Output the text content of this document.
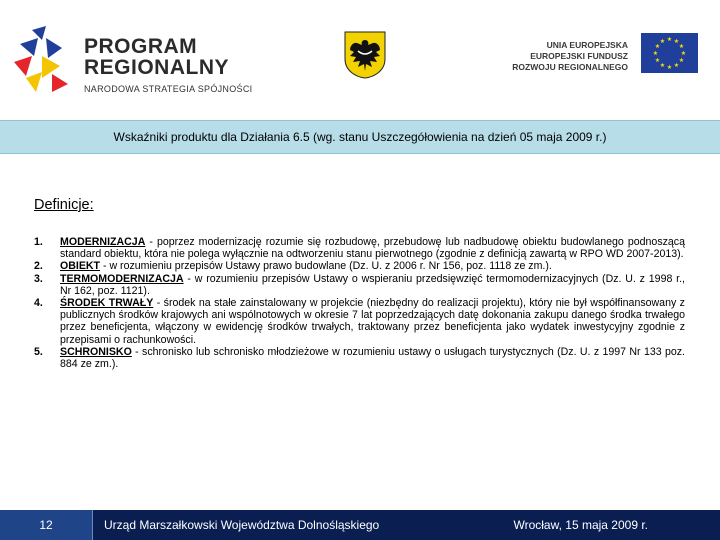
PROGRAM
REGIONALNY
NARODOWA STRATEGIA SPÓJNOŚCI
UNIA EUROPEJSKA
EUROPEJSKI FUNDUSZ
ROZWOJU REGIONALNEGO
★ ★
★
★
★
★
★
★
★
★
★
★
Wskaźniki produktu dla Działania 6.5 (wg. stanu Uszczegółowienia na dzień 05 maja 2009 r.)
Definicje:
1. MODERNIZACJA - poprzez modernizację rozumie się rozbudowę, przebudowę lub nadbudowę obiektu budowlanego podnoszącą standard obiektu, która nie polega wyłącznie na odtworzeniu stanu pierwotnego (zgodnie z definicją zawartą w RPO WD 2007-2013).
2. OBIEKT - w rozumieniu przepisów Ustawy prawo budowlane (Dz. U. z 2006 r. Nr 156, poz. 1118 ze zm.).
3. TERMOMODERNIZACJA - w rozumieniu przepisów Ustawy o wspieraniu przedsięwzięć termomodernizacyjnych (Dz. U. z 1998 r., Nr 162, poz. 1121).
4. ŚRODEK TRWAŁY - środek na stałe zainstalowany w projekcie (niezbędny do realizacji projektu), który nie był współfinansowany z publicznych środków krajowych ani wspólnotowych w okresie 7 lat poprzedzających datę dokonania zakupu danego środka trwałego przez beneficjenta, włączony w ewidencję środków trwałych, traktowany przez beneficjenta jako wydatek inwestycyjny zgodnie z przepisami o rachunkowości.
5. SCHRONISKO - schronisko lub schronisko młodzieżowe w rozumieniu ustawy o usługach turystycznych (Dz. U. z 1997 Nr 133 poz. 884 ze zm.).
12	Urząd Marszałkowski Województwa Dolnośląskiego	Wrocław, 15 maja 2009 r.
